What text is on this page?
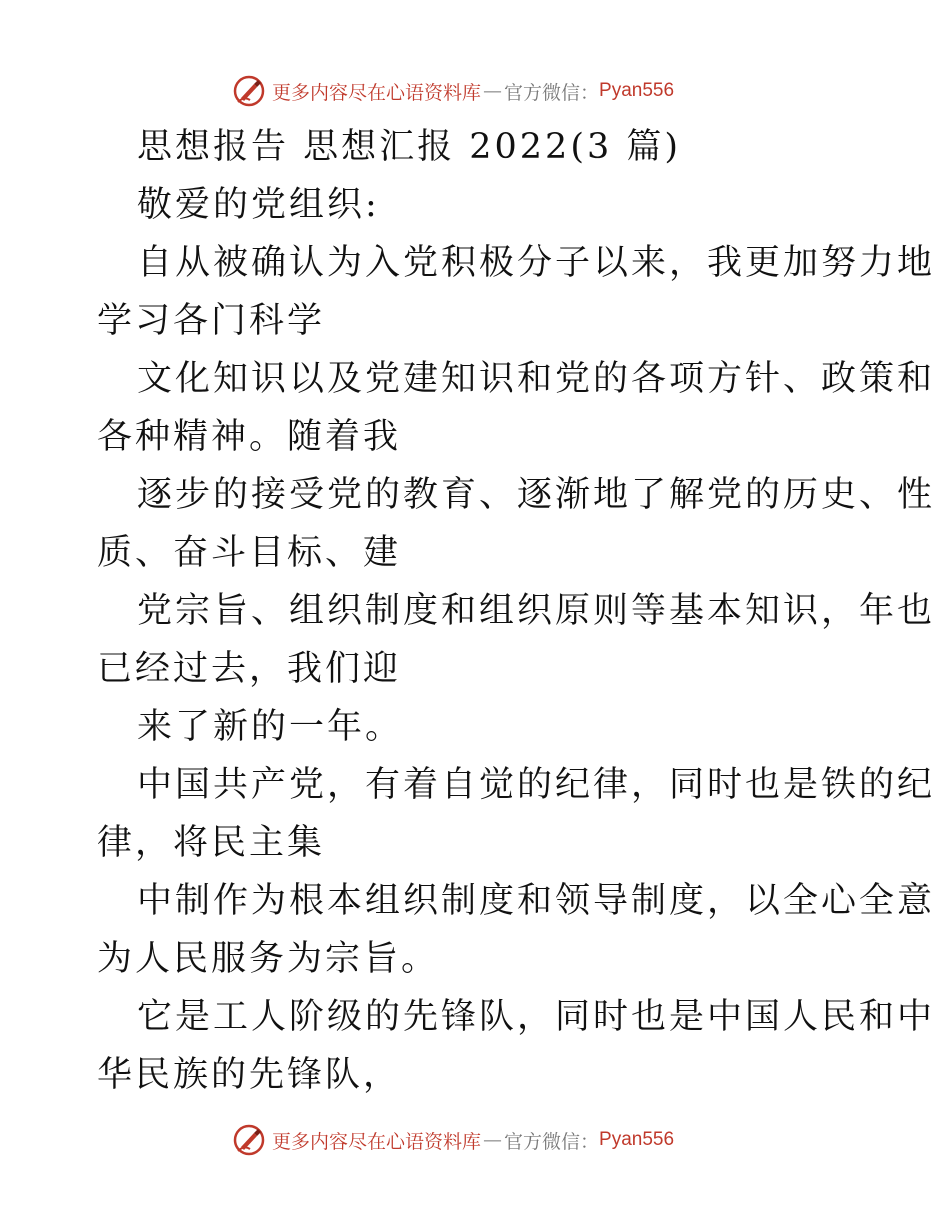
更多内容尽在心语资料库 — 官方微信： Pyan556
思想报告 思想汇报 2022(3 篇)
敬爱的党组织:
自从被确认为入党积极分子以来，我更加努力地
学习各门科学
文化知识以及党建知识和党的各项方针、政策和
各种精神。随着我
逐步的接受党的教育、逐渐地了解党的历史、性
质、奋斗目标、建
党宗旨、组织制度和组织原则等基本知识，年也
已经过去，我们迎
来了新的一年。
中国共产党，有着自觉的纪律，同时也是铁的纪
律，将民主集
中制作为根本组织制度和领导制度，以全心全意
为人民服务为宗旨。
它是工人阶级的先锋队，同时也是中国人民和中
华民族的先锋队，
更多内容尽在心语资料库 — 官方微信： Pyan556
